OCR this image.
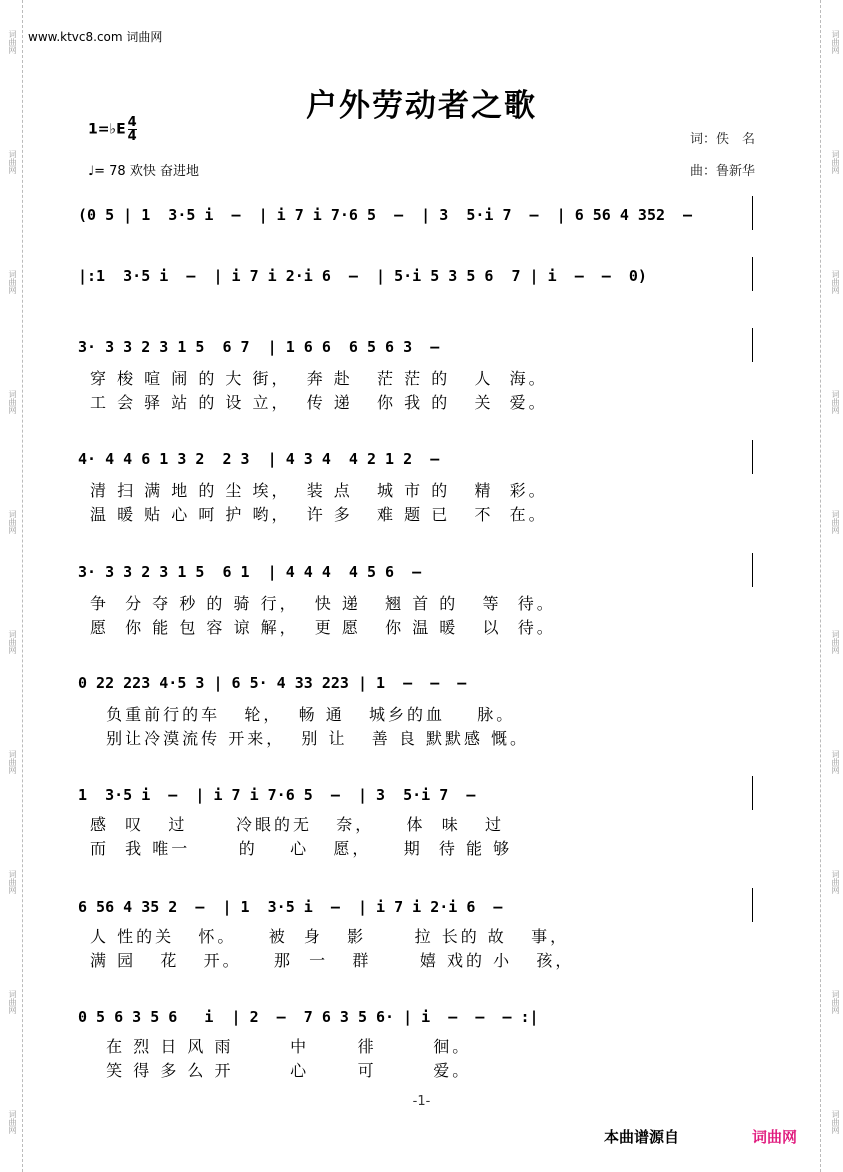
词曲网
词曲网
词曲网
词曲网
词曲网
词曲网
词曲网
词曲网
词曲网
词曲网
词曲网
词曲网
词曲网
词曲网
词曲网
词曲网
词曲网
词曲网
词曲网
词曲网
www.ktvc8.com 词曲网
户外劳动者之歌
1=♭E $\frac{4}{4}$
♩= 78 欢快 奋进地
词：佚　名
曲：鲁新华

(0 5 | 1  3·5 i  –  | i 7 i 7·6 5  –  | 3  5·i 7  –  | 6 56 4 352  –

|:1  3·5 i  –  | i 7 i 2·i 6  –  | 5·i 5 3 5 6  7 | i  –  –  0)

3· 3 3 2 3 1 5  6 7  | 1 6 6  6 5 6 3  –

穿 梭 喧 闹 的 大 街，  奔 赴   茫 茫 的   人  海。
工 会 驿 站 的 设 立，  传 递   你 我 的   关  爱。

4· 4 4 6 1 3 2  2 3  | 4 3 4  4 2 1 2  –

清 扫 满 地 的 尘 埃，  装 点   城 市 的   精  彩。
温 暖 贴 心 呵 护 哟，  许 多   难 题 已   不  在。

3· 3 3 2 3 1 5  6 1  | 4 4 4  4 5 6  –

争  分 夺 秒 的 骑 行，  快 递   翘 首 的   等  待。
愿  你 能 包 容 谅 解，  更 愿   你 温 暖   以  待。

0 22 223 4·5 3 | 6 5· 4 33 223 | 1  –  –  –

负重前行的车   轮，  畅 通   城乡的血    脉。
别让冷漠流传 开来，  别 让   善 良 默默感 慨。

1  3·5 i  –  | i 7 i 7·6 5  –  | 3  5·i 7  –

感  叹   过      冷眼的无   奈，    体  味   过
而  我 唯一      的    心   愿，    期  待 能 够

6 56 4 35 2  –  | 1  3·5 i  –  | i 7 i 2·i 6  –

人 性的关   怀。    被  身   影      拉 长的 故   事，
满 园   花   开。    那  一   群      嬉 戏的 小   孩，

0 5 6 3 5 6   i  | 2  –  7 6 3 5 6· | i  –  –  – :|

在 烈 日 风 雨       中      徘       徊。
笑 得 多 么 开       心      可       爱。
-1-
本曲谱源自	词曲网
